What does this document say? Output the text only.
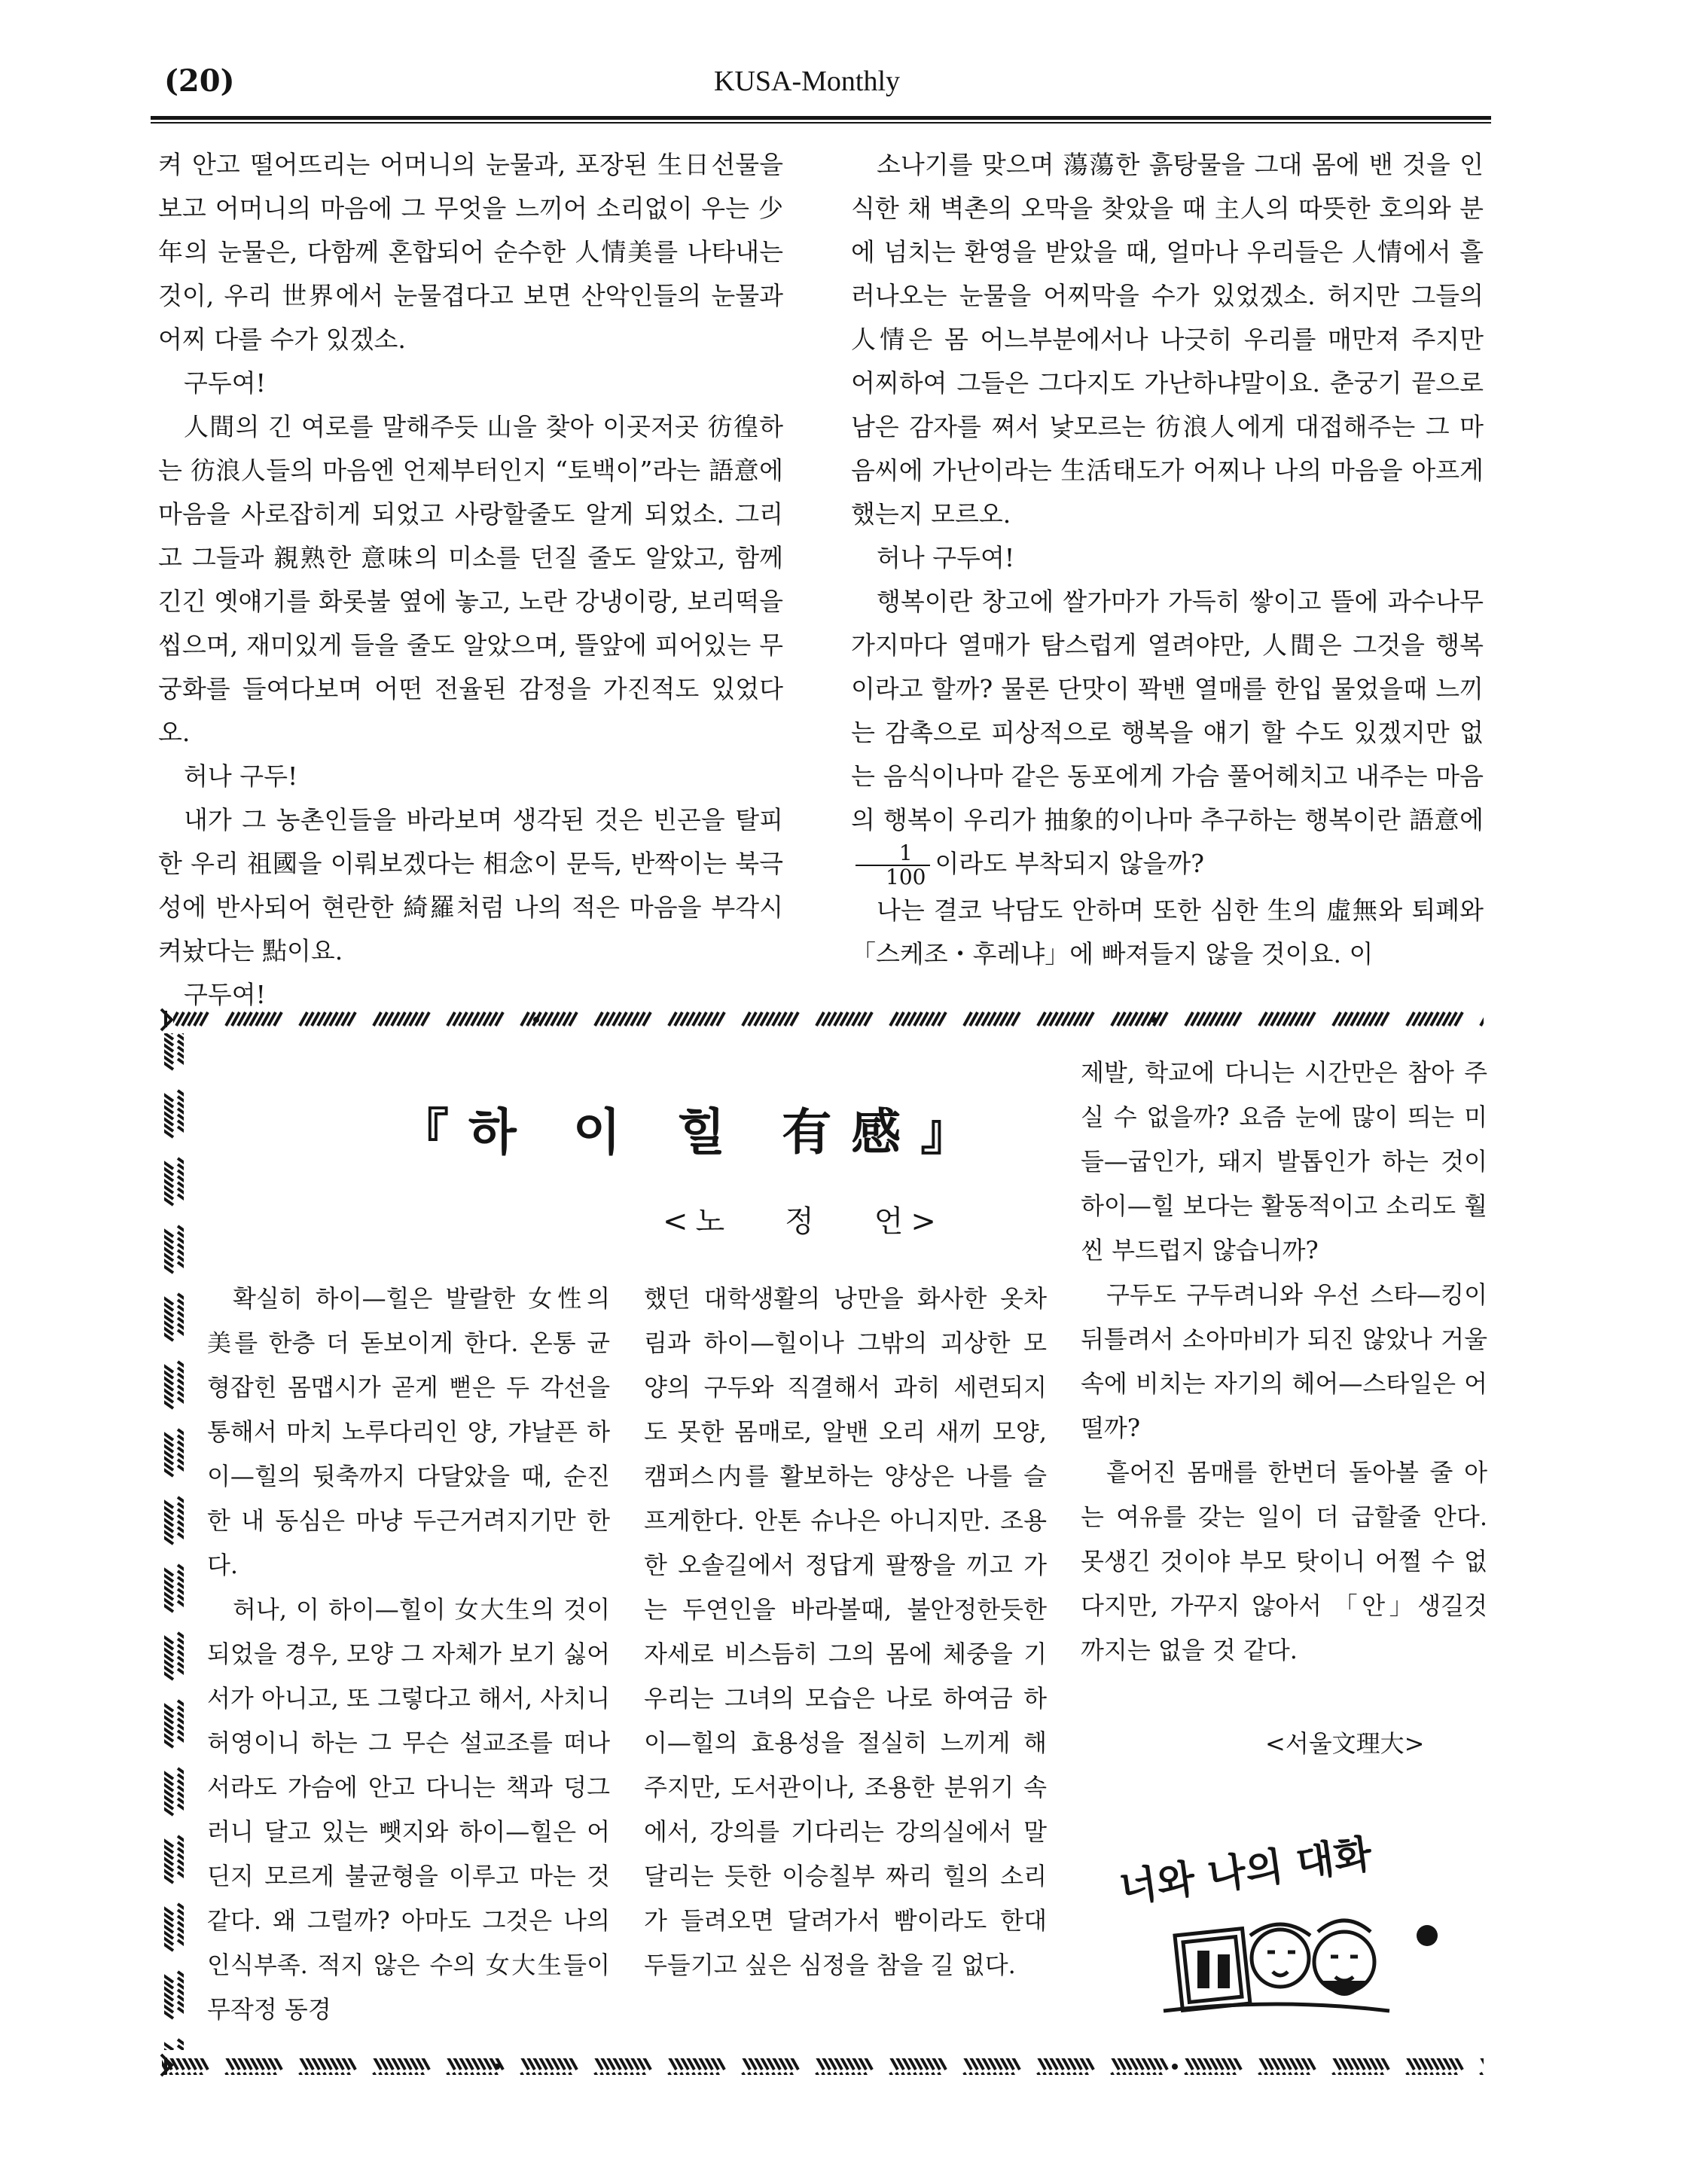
(20)	KUSA-Monthly

켜 안고 떨어뜨리는 어머니의 눈물과, 포장된 生日선물을 보고 어머니의 마음에 그 무엇을 느끼어 소리없이 우는 少年의 눈물은, 다함께 혼합되어 순수한 人情美를 나타내는 것이, 우리 世界에서 눈물겹다고 보면 산악인들의 눈물과 어찌 다를 수가 있겠소.

구두여!

人間의 긴 여로를 말해주듯 山을 찾아 이곳저곳 彷徨하는 彷浪人들의 마음엔 언제부터인지 “토백이”라는 語意에 마음을 사로잡히게 되었고 사랑할줄도 알게 되었소. 그리고 그들과 親熟한 意味의 미소를 던질 줄도 알았고, 함께 긴긴 옛얘기를 화롯불 옆에 놓고, 노란 강냉이랑, 보리떡을 씹으며, 재미있게 들을 줄도 알았으며, 뜰앞에 피어있는 무궁화를 들여다보며 어떤 전율된 감정을 가진적도 있었다오.

허나 구두!

내가 그 농촌인들을 바라보며 생각된 것은 빈곤을 탈피한 우리 祖國을 이뤄보겠다는 相念이 문득, 반짝이는 북극성에 반사되어 현란한 綺羅처럼 나의 적은 마음을 부각시켜놨다는 點이요.

구두여!

소나기를 맞으며 蕩蕩한 흙탕물을 그대 몸에 밴 것을 인식한 채 벽촌의 오막을 찾았을 때 主人의 따뜻한 호의와 분에 넘치는 환영을 받았을 때, 얼마나 우리들은 人情에서 흘러나오는 눈물을 어찌막을 수가 있었겠소. 허지만 그들의 人情은 몸 어느부분에서나 나긋히 우리를 매만져 주지만 어찌하여 그들은 그다지도 가난하냐말이요. 춘궁기 끝으로 남은 감자를 쪄서 낯모르는 彷浪人에게 대접해주는 그 마음씨에 가난이라는 生活태도가 어찌나 나의 마음을 아프게 했는지 모르오.

허나 구두여!

행복이란 창고에 쌀가마가 가득히 쌓이고 뜰에 과수나무가지마다 열매가 탐스럽게 열려야만, 人間은 그것을 행복이라고 할까? 물론 단맛이 꽉밴 열매를 한입 물었을때 느끼는 감촉으로 피상적으로 행복을 얘기 할 수도 있겠지만 없는 음식이나마 같은 동포에게 가슴 풀어헤치고 내주는 마음의 행복이 우리가 抽象的이나마 추구하는 행복이란 語意에
$\frac{1}{100}$ 이라도 부착되지 않을까?

나는 결코 낙담도 안하며 또한 심한 生의 虛無와 퇴폐와 「스케조・후레냐」에 빠져들지 않을 것이요. 이

『하 이 힐 有感』
<노 정 언>

확실히 하이—힐은 발랄한 女性의 美를 한층 더 돋보이게 한다. 온통 균형잡힌 몸맵시가 곧게 뻗은 두 각선을 통해서 마치 노루다리인 양, 갸날픈 하이—힐의 뒷축까지 다달았을 때, 순진한 내 동심은 마냥 두근거려지기만 한다.

허나, 이 하이—힐이 女大生의 것이 되었을 경우, 모양 그 자체가 보기 싫어서가 아니고, 또 그렇다고 해서, 사치니 허영이니 하는 그 무슨 설교조를 떠나서라도 가슴에 안고 다니는 책과 덩그러니 달고 있는 뺏지와 하이—힐은 어딘지 모르게 불균형을 이루고 마는 것 같다. 왜 그럴까? 아마도 그것은 나의 인식부족. 적지 않은 수의 女大生들이 무작정 동경

했던 대학생활의 낭만을 화사한 옷차림과 하이—힐이나 그밖의 괴상한 모양의 구두와 직결해서 과히 세련되지도 못한 몸매로, 알밴 오리 새끼 모양, 캠퍼스内를 활보하는 양상은 나를 슬프게한다. 안톤 슈나은 아니지만. 조용한 오솔길에서 정답게 팔짱을 끼고 가는 두연인을 바라볼때, 불안정한듯한 자세로 비스듬히 그의 몸에 체중을 기우리는 그녀의 모습은 나로 하여금 하이—힐의 효용성을 절실히 느끼게 해주지만, 도서관이나, 조용한 분위기 속에서, 강의를 기다리는 강의실에서 말 달리는 듯한 이승칠부 짜리 힐의 소리가 들려오면 달려가서 빰이라도 한대 두들기고 싶은 심정을 참을 길 없다.

제발, 학교에 다니는 시간만은 참아 주실 수 없을까? 요즘 눈에 많이 띄는 미들—굽인가, 돼지 발톱인가 하는 것이 하이—힐 보다는 활동적이고 소리도 훨씬 부드럽지 않습니까?

구두도 구두려니와 우선 스타—킹이 뒤틀려서 소아마비가 되진 않았나 거울 속에 비치는 자기의 헤어—스타일은 어떨까?

흩어진 몸매를 한번더 돌아볼 줄 아는 여유를 갖는 일이 더 급할줄 안다. 못생긴 것이야 부모 탓이니 어쩔 수 없다지만, 가꾸지 않아서 「안」생길것 까지는 없을 것 같다.

<서울文理大>
너와 나의 대화
